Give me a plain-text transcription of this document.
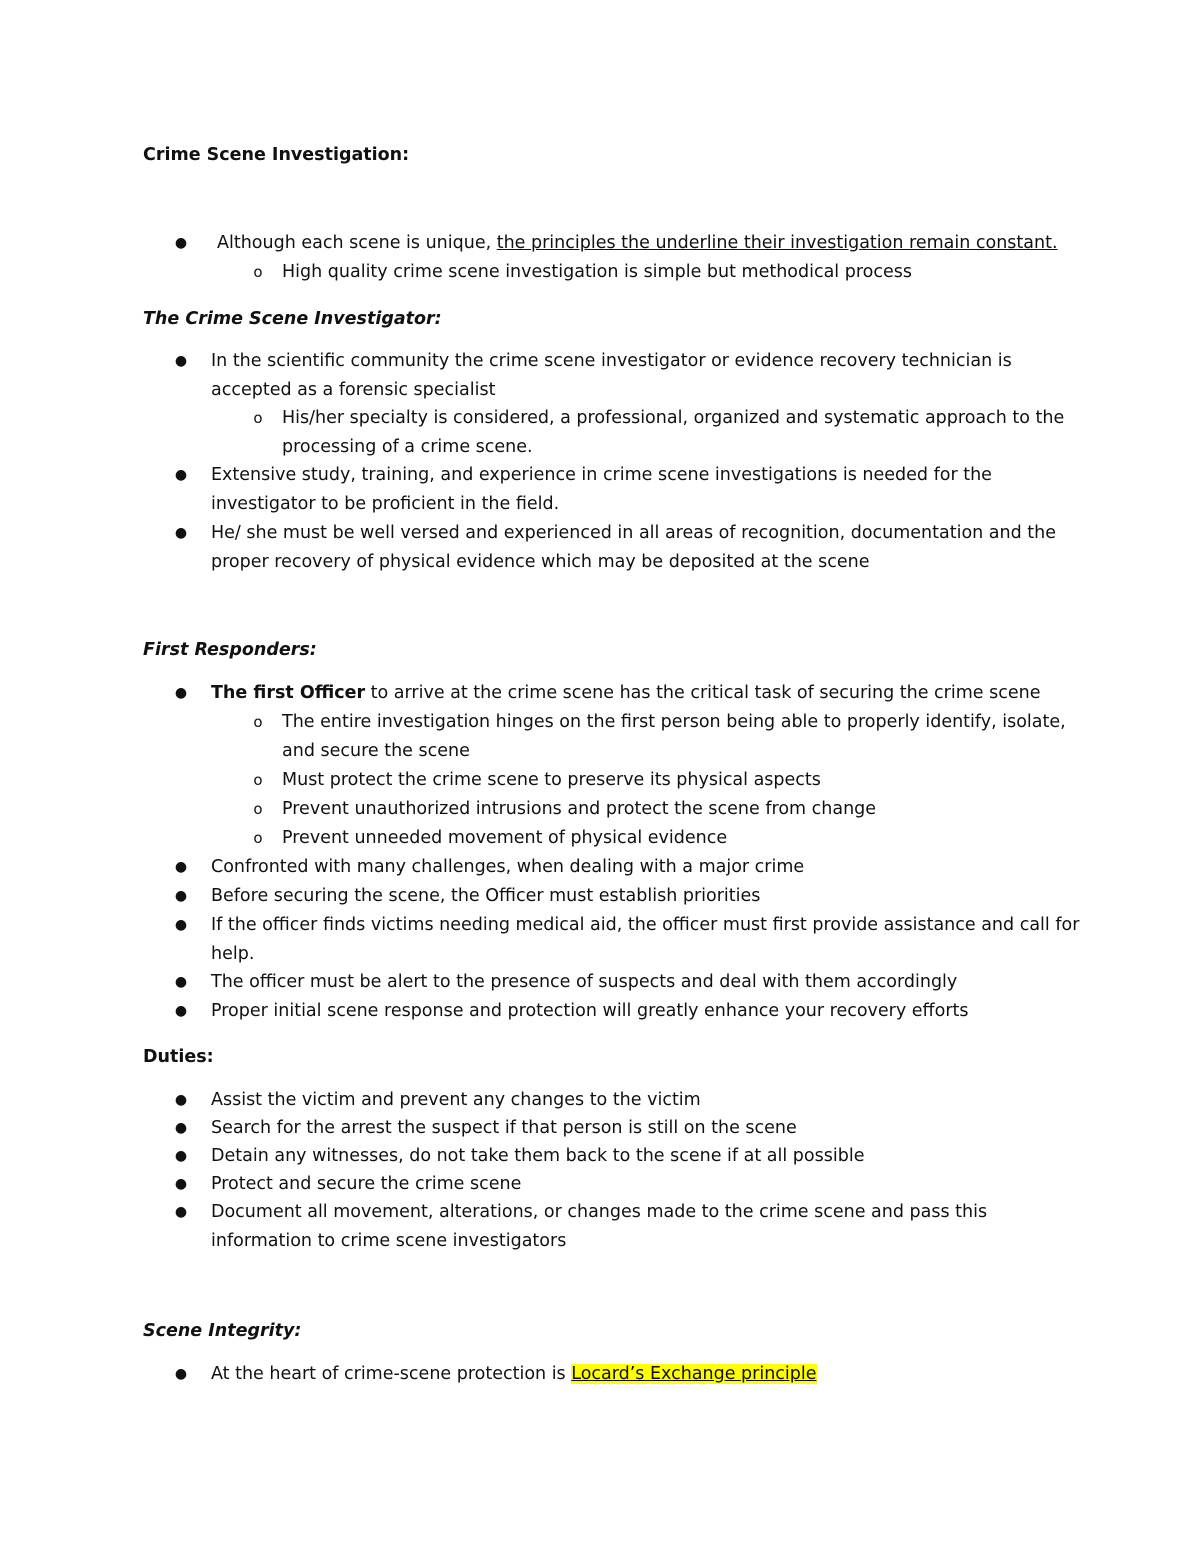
Crime Scene Investigation:
● Although each scene is unique, the principles the underline their investigation remain constant.
o	High quality crime scene investigation is simple but methodical process
The Crime Scene Investigator:
● In the scientific community the crime scene investigator or evidence recovery technician is accepted as a forensic specialist
o	His/her specialty is considered, a professional, organized and systematic approach to the processing of a crime scene.
● Extensive study, training, and experience in crime scene investigations is needed for the investigator to be proficient in the field.
● He/ she must be well versed and experienced in all areas of recognition, documentation and the proper recovery of physical evidence which may be deposited at the scene
First Responders:
● The first Officer to arrive at the crime scene has the critical task of securing the crime scene
o	The entire investigation hinges on the first person being able to properly identify, isolate, and secure the scene
o	Must protect the crime scene to preserve its physical aspects
o	Prevent unauthorized intrusions and protect the scene from change
o	Prevent unneeded movement of physical evidence
● Confronted with many challenges, when dealing with a major crime
● Before securing the scene, the Officer must establish priorities
● If the officer finds victims needing medical aid, the officer must first provide assistance and call for help.
● The officer must be alert to the presence of suspects and deal with them accordingly
● Proper initial scene response and protection will greatly enhance your recovery efforts
Duties:
● Assist the victim and prevent any changes to the victim
● Search for the arrest the suspect if that person is still on the scene
● Detain any witnesses, do not take them back to the scene if at all possible
● Protect and secure the crime scene
● Document all movement, alterations, or changes made to the crime scene and pass this information to crime scene investigators
Scene Integrity:
● At the heart of crime-scene protection is Locard’s Exchange principle
